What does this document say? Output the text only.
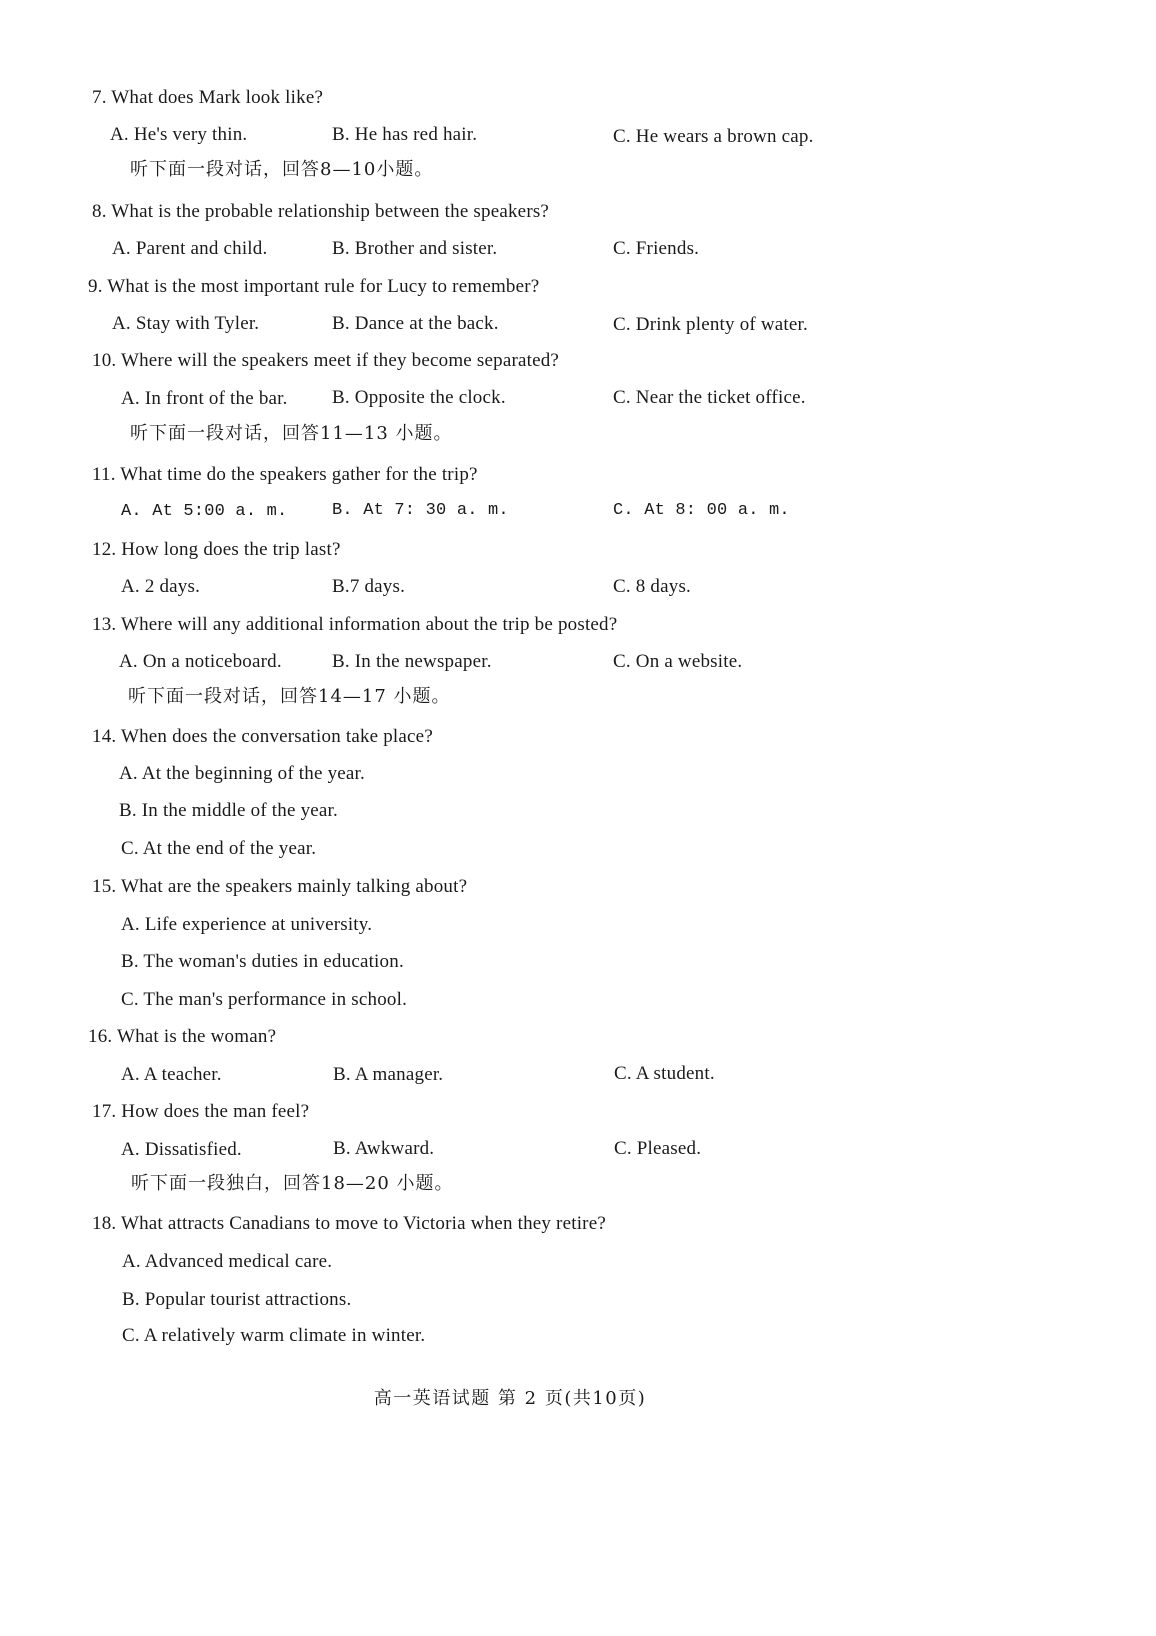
7. What does Mark look like?
A. He's very thin.	B. He has red hair.	C. He wears a brown cap.
听下面一段对话，回答8—10小题。
8. What is the probable relationship between the speakers?
A. Parent and child.	B. Brother and sister.	C. Friends.
9. What is the most important rule for Lucy to remember?
A. Stay with Tyler.	B. Dance at the back.	C. Drink plenty of water.
10. Where will the speakers meet if they become separated?
A. In front of the bar. B. Opposite the clock.	C. Near the ticket office.
听下面一段对话，回答11—13 小题。
11. What time do the speakers gather for the trip?
A. At 5:00 a. m.	B. At 7: 30 a. m.	C. At 8: 00 a. m.
12. How long does the trip last?
A. 2 days.	B.7 days.	C. 8 days.
13. Where will any additional information about the trip be posted?
A. On a noticeboard.	B. In the newspaper.	C. On a website.
听下面一段对话，回答14—17 小题。
14. When does the conversation take place?
A. At the beginning of the year.
B. In the middle of the year.
C. At the end of the year.
15. What are the speakers mainly talking about?
A. Life experience at university.
B. The woman's duties in education.
C. The man's performance in school.
16. What is the woman?
A. A teacher.	B. A manager.	C. A student.
17. How does the man feel?
A. Dissatisfied.	B. Awkward.	C. Pleased.
听下面一段独白，回答18—20 小题。
18. What attracts Canadians to move to Victoria when they retire?
A. Advanced medical care.
B. Popular tourist attractions.
C. A relatively warm climate in winter.
高一英语试题 第 2 页(共10页)
